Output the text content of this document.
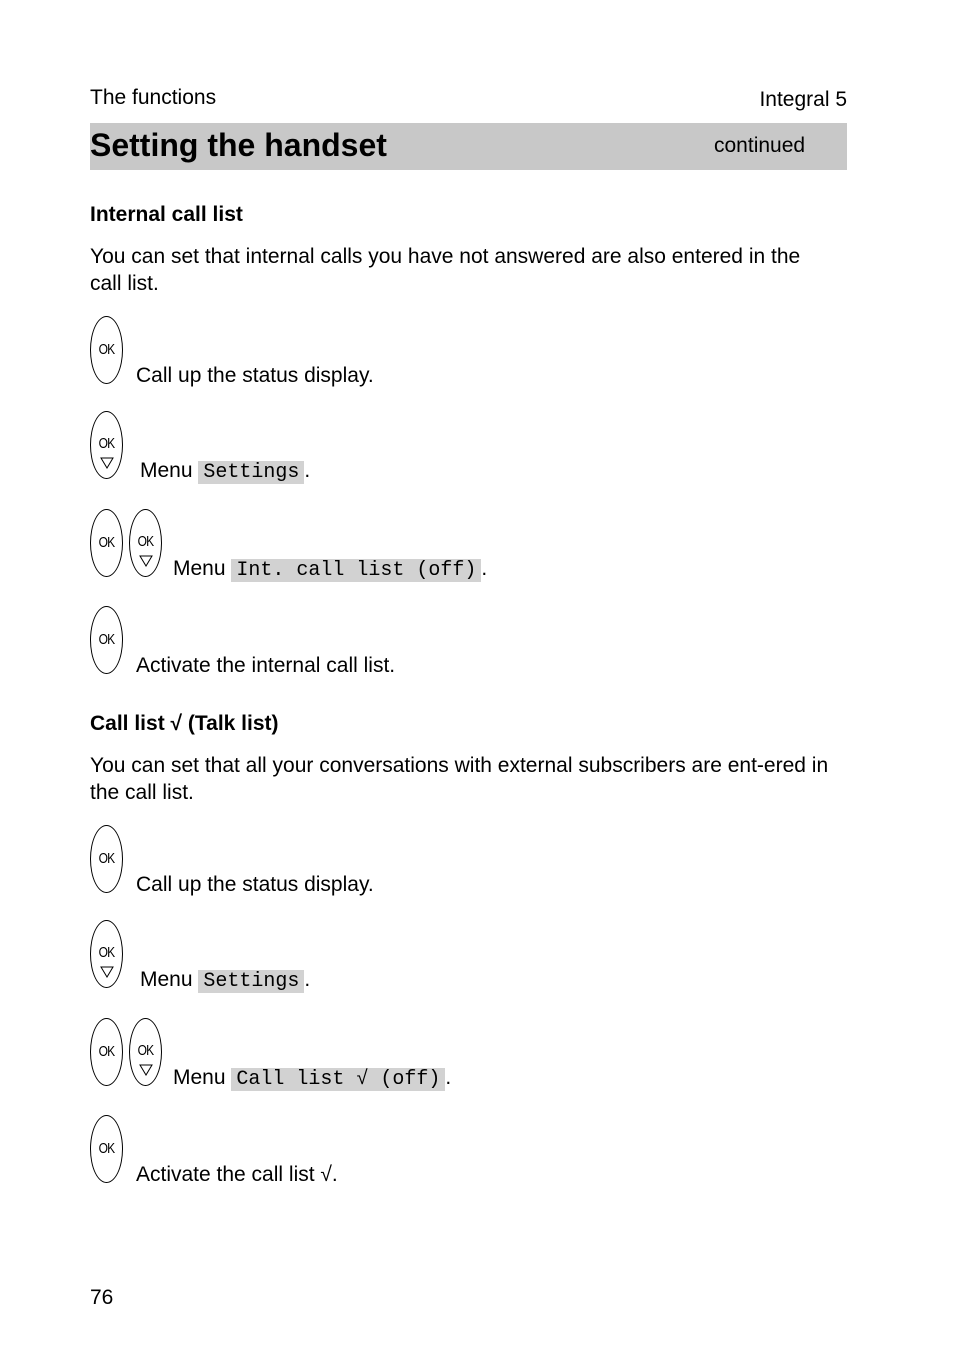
The functions	Integral 5
Setting the handset	continued
Internal call list
You can set that internal calls you have not answered are also entered in the call list.
OK
Call up the status display.
OK
Menu Settings .
OK	OK
Menu Int. call list (off) .
OK
Activate the internal call list.
Call list √ (Talk list)
You can set that all your conversations with external subscribers are ent-ered in the call list.
OK
Call up the status display.
OK
Menu Settings .
OK	OK
Menu Call list √ (off) .
OK
Activate the call list √.
76
